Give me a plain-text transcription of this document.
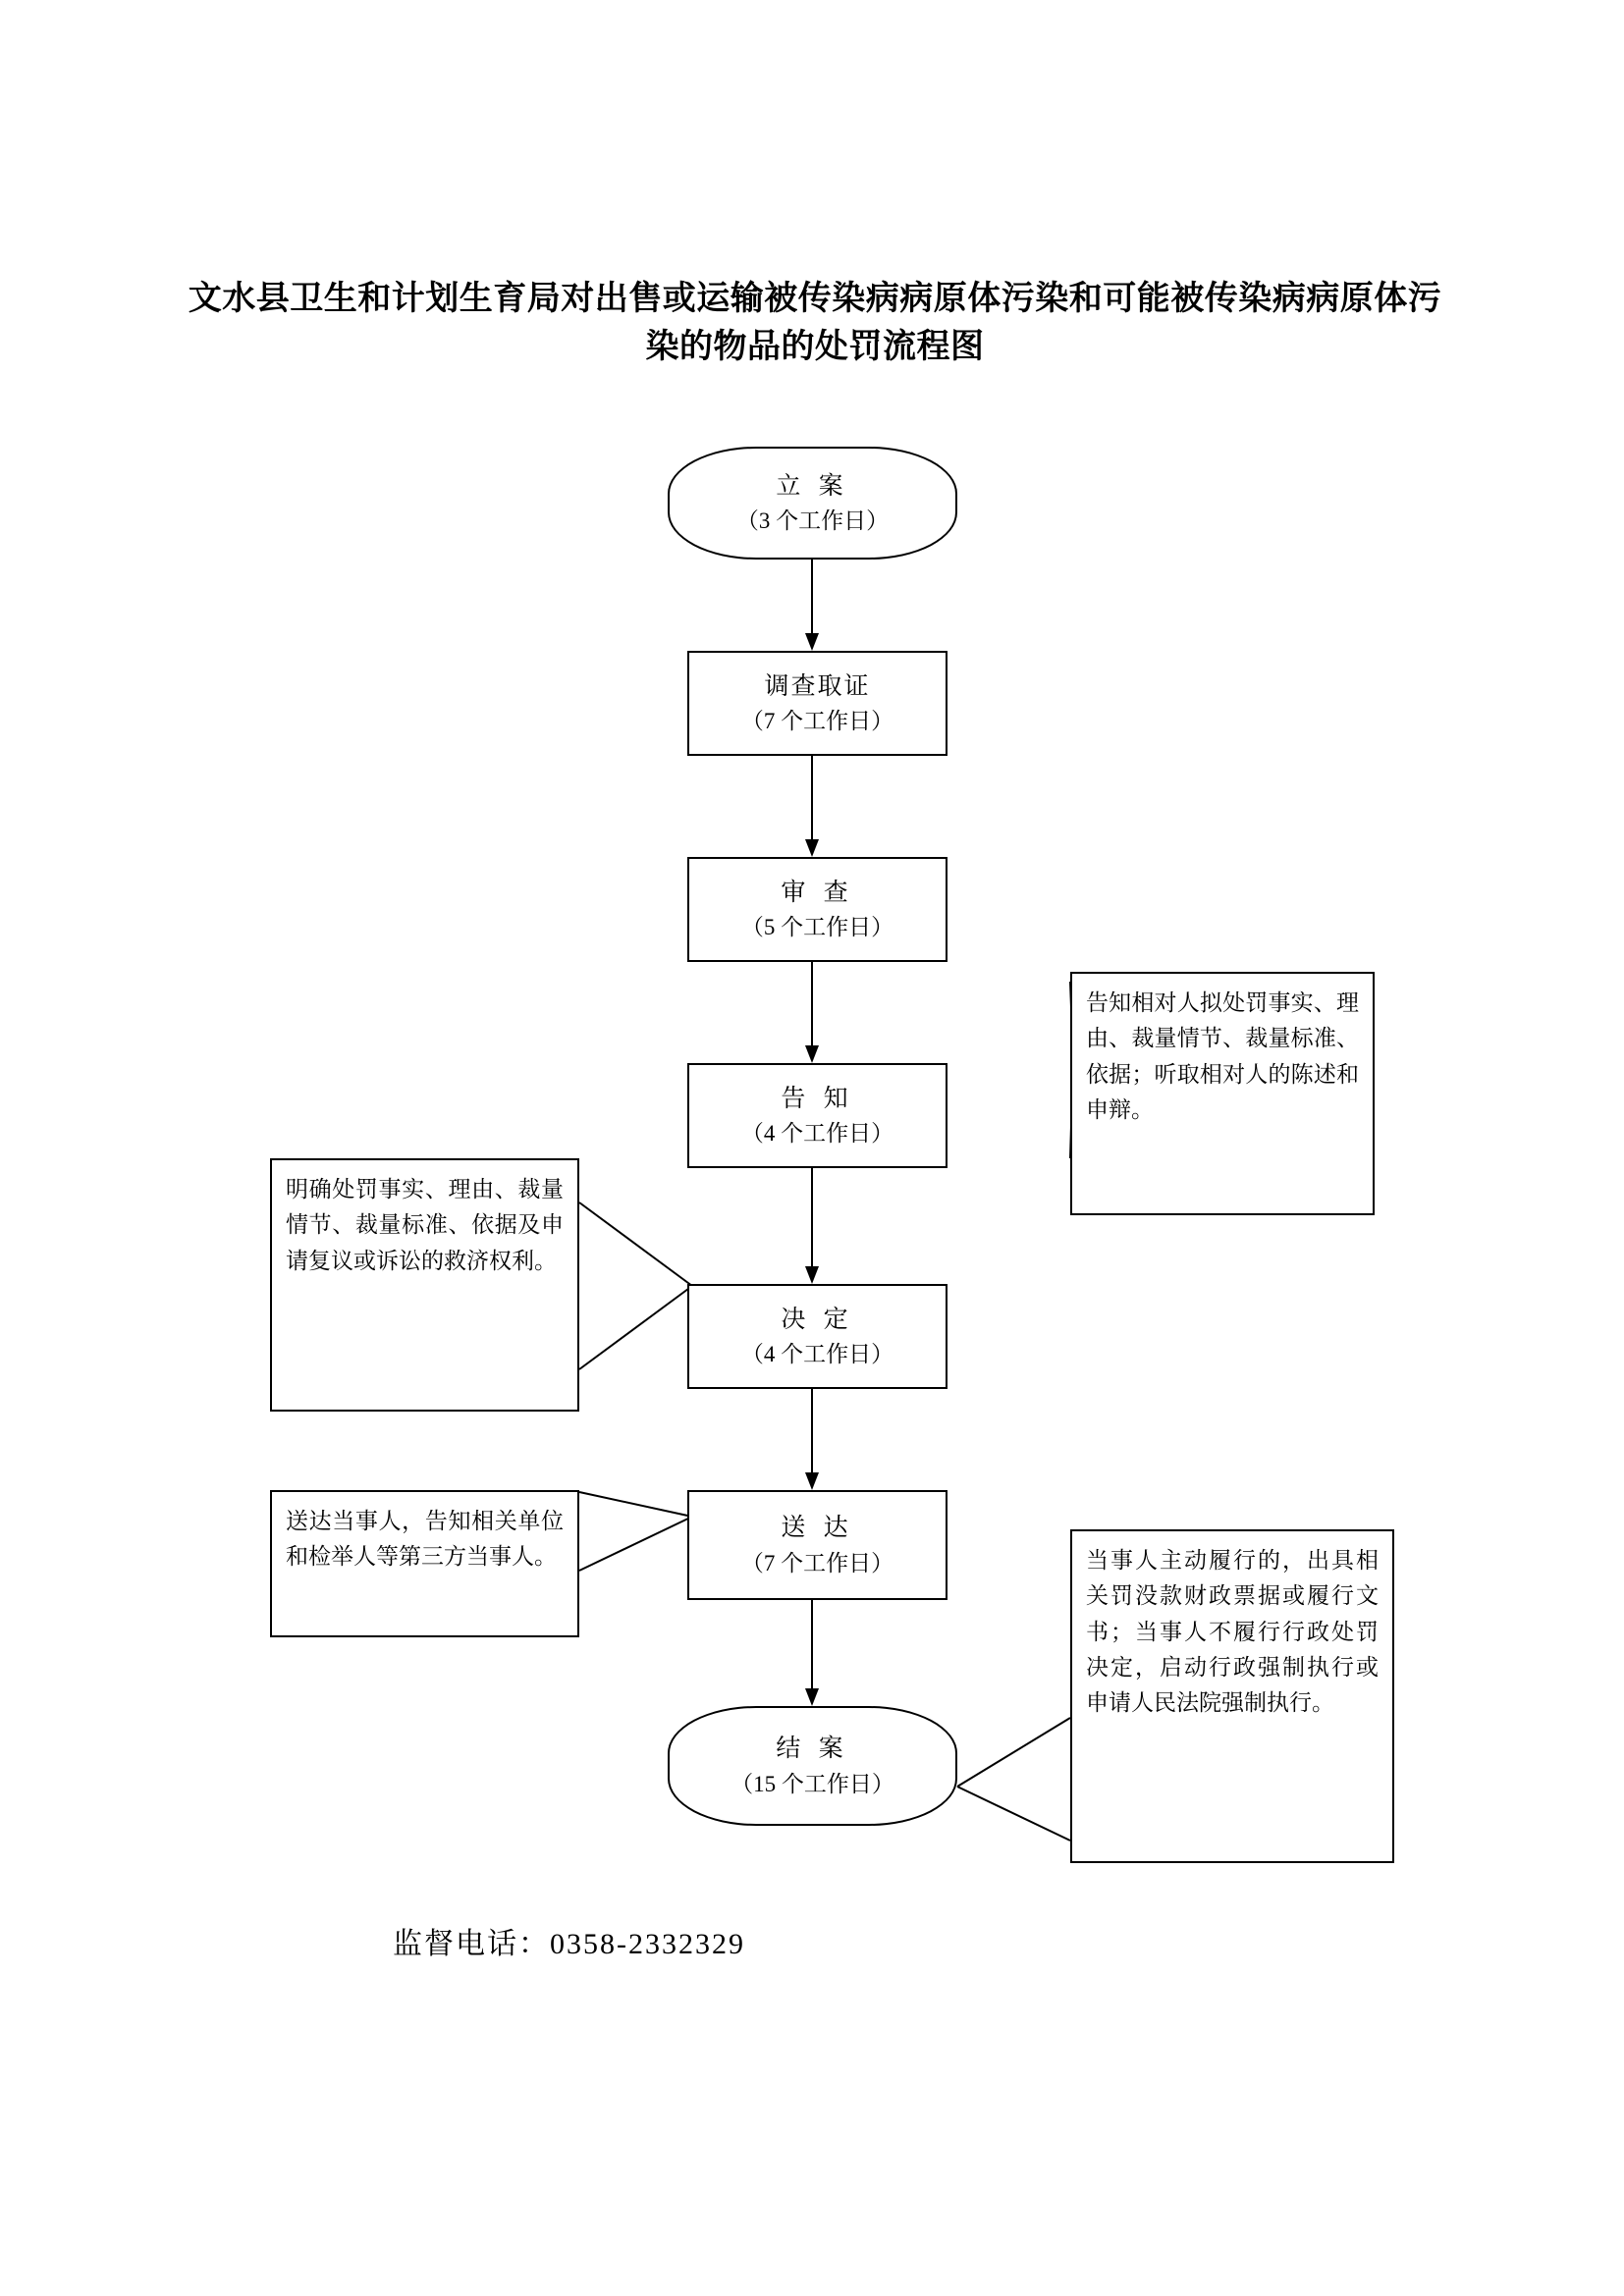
文水县卫生和计划生育局对出售或运输被传染病病原体污染和可能被传染病病原体污染的物品的处罚流程图
立 案
（3 个工作日）
调查取证
（7 个工作日）
审 查
（5 个工作日）
告 知
（4 个工作日）
决 定
（4 个工作日）
送 达
（7 个工作日）
结 案
（15 个工作日）
告知相对人拟处罚事实、理由、裁量情节、裁量标准、依据；听取相对人的陈述和申辩。
明确处罚事实、理由、裁量情节、裁量标准、依据及申请复议或诉讼的救济权利。
送达当事人，告知相关单位和检举人等第三方当事人。	当事人主动履行的，出具相关罚没款财政票据或履行文书；当事人不履行行政处罚决定，启动行政强制执行或申请人民法院强制执行。
监督电话：0358-2332329
